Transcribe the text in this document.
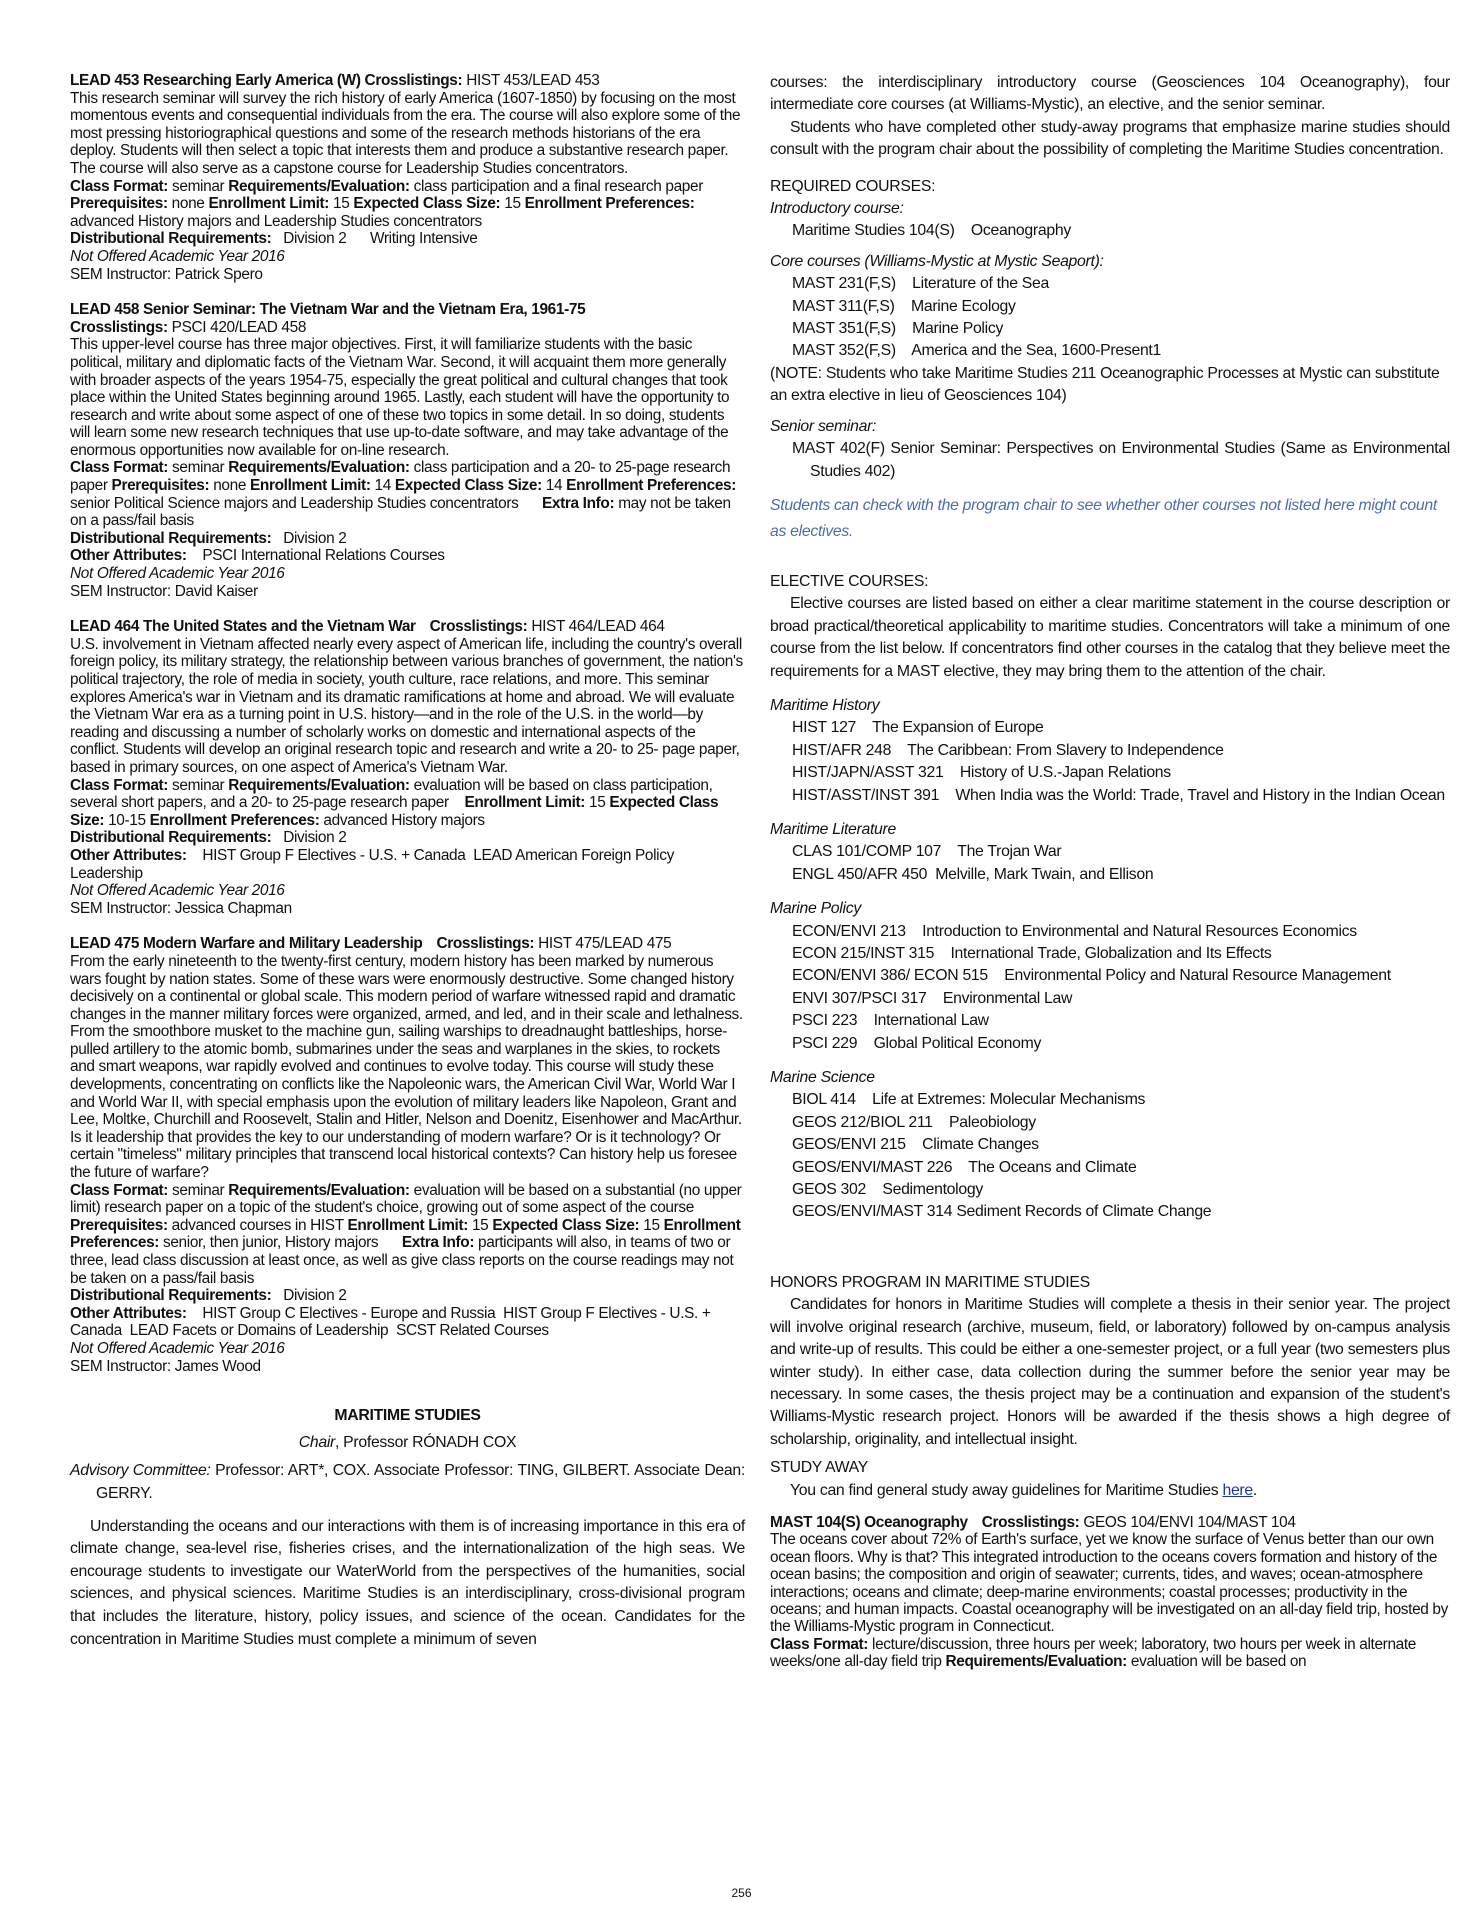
LEAD 453 Researching Early America (W) Crosslistings: HIST 453/LEAD 453

This research seminar will survey the rich history of early America (1607-1850) by focusing on the most momentous events and consequential individuals from the era. The course will also explore some of the most pressing historiographical questions and some of the research methods historians of the era deploy. Students will then select a topic that interests them and produce a substantive research paper. The course will also serve as a capstone course for Leadership Studies concentrators.

Class Format: seminar Requirements/Evaluation: class participation and a final research paper Prerequisites: none Enrollment Limit: 15 Expected Class Size: 15 Enrollment Preferences: advanced History majors and Leadership Studies concentrators

Distributional Requirements:   Division 2      Writing Intensive

Not Offered Academic Year 2016

SEM Instructor: Patrick Spero

LEAD 458 Senior Seminar: The Vietnam War and the Vietnam Era, 1961-75

Crosslistings: PSCI 420/LEAD 458

This upper-level course has three major objectives. First, it will familiarize students with the basic political, military and diplomatic facts of the Vietnam War. Second, it will acquaint them more generally with broader aspects of the years 1954-75, especially the great political and cultural changes that took place within the United States beginning around 1965. Lastly, each student will have the opportunity to research and write about some aspect of one of these two topics in some detail. In so doing, students will learn some new research techniques that use up-to-date software, and may take advantage of the enormous opportunities now available for on-line research.

Class Format: seminar Requirements/Evaluation: class participation and a 20- to 25-page research paper Prerequisites: none Enrollment Limit: 14 Expected Class Size: 14 Enrollment Preferences: senior Political Science majors and Leadership Studies concentrators      Extra Info: may not be taken on a pass/fail basis

Distributional Requirements:   Division 2

Other Attributes:    PSCI International Relations Courses

Not Offered Academic Year 2016

SEM Instructor: David Kaiser

LEAD 464 The United States and the Vietnam War Crosslistings: HIST 464/LEAD 464

U.S. involvement in Vietnam affected nearly every aspect of American life, including the country's overall foreign policy, its military strategy, the relationship between various branches of government, the nation's political trajectory, the role of media in society, youth culture, race relations, and more. This seminar explores America's war in Vietnam and its dramatic ramifications at home and abroad. We will evaluate the Vietnam War era as a turning point in U.S. history—and in the role of the U.S. in the world—by reading and discussing a number of scholarly works on domestic and international aspects of the conflict. Students will develop an original research topic and research and write a 20- to 25- page paper, based in primary sources, on one aspect of America's Vietnam War.

Class Format: seminar Requirements/Evaluation: evaluation will be based on class participation, several short papers, and a 20- to 25-page research paper    Enrollment Limit: 15 Expected Class Size: 10-15 Enrollment Preferences: advanced History majors

Distributional Requirements:   Division 2

Other Attributes:    HIST Group F Electives - U.S. + Canada  LEAD American Foreign Policy Leadership

Not Offered Academic Year 2016

SEM Instructor: Jessica Chapman

LEAD 475 Modern Warfare and Military Leadership Crosslistings: HIST 475/LEAD 475

From the early nineteenth to the twenty-first century, modern history has been marked by numerous wars fought by nation states. Some of these wars were enormously destructive. Some changed history decisively on a continental or global scale. This modern period of warfare witnessed rapid and dramatic changes in the manner military forces were organized, armed, and led, and in their scale and lethalness. From the smoothbore musket to the machine gun, sailing warships to dreadnaught battleships, horse-pulled artillery to the atomic bomb, submarines under the seas and warplanes in the skies, to rockets and smart weapons, war rapidly evolved and continues to evolve today. This course will study these developments, concentrating on conflicts like the Napoleonic wars, the American Civil War, World War I and World War II, with special emphasis upon the evolution of military leaders like Napoleon, Grant and Lee, Moltke, Churchill and Roosevelt, Stalin and Hitler, Nelson and Doenitz, Eisenhower and MacArthur. Is it leadership that provides the key to our understanding of modern warfare? Or is it technology? Or certain "timeless" military principles that transcend local historical contexts? Can history help us foresee the future of warfare?

Class Format: seminar Requirements/Evaluation: evaluation will be based on a substantial (no upper limit) research paper on a topic of the student's choice, growing out of some aspect of the course Prerequisites: advanced courses in HIST Enrollment Limit: 15 Expected Class Size: 15 Enrollment Preferences: senior, then junior, History majors      Extra Info: participants will also, in teams of two or three, lead class discussion at least once, as well as give class reports on the course readings may not be taken on a pass/fail basis

Distributional Requirements:   Division 2

Other Attributes:    HIST Group C Electives - Europe and Russia  HIST Group F Electives - U.S. + Canada  LEAD Facets or Domains of Leadership  SCST Related Courses

Not Offered Academic Year 2016

SEM Instructor: James Wood

MARITIME STUDIES
Chair, Professor RÓNADH COX

Advisory Committee: Professor: ART*, COX. Associate Professor: TING, GILBERT. Associate Dean: GERRY.

Understanding the oceans and our interactions with them is of increasing importance in this era of climate change, sea-level rise, fisheries crises, and the internationalization of the high seas. We encourage students to investigate our WaterWorld from the perspectives of the humanities, social sciences, and physical sciences. Maritime Studies is an interdisciplinary, cross-divisional program that includes the literature, history, policy issues, and science of the ocean. Candidates for the concentration in Maritime Studies must complete a minimum of seven

courses: the interdisciplinary introductory course (Geosciences 104 Oceanography), four intermediate core courses (at Williams-Mystic), an elective, and the senior seminar.

Students who have completed other study-away programs that emphasize marine studies should consult with the program chair about the possibility of completing the Maritime Studies concentration.

REQUIRED COURSES:

Introductory course:

Maritime Studies 104(S)    Oceanography

Core courses (Williams-Mystic at Mystic Seaport):

MAST 231(F,S)    Literature of the Sea

MAST 311(F,S)    Marine Ecology

MAST 351(F,S)    Marine Policy

MAST 352(F,S)    America and the Sea, 1600-Present1

(NOTE: Students who take Maritime Studies 211 Oceanographic Processes at Mystic can substitute an extra elective in lieu of Geosciences 104)

Senior seminar:

MAST 402(F) Senior Seminar: Perspectives on Environmental Studies (Same as Environmental Studies 402)

Students can check with the program chair to see whether other courses not listed here might count as electives.

ELECTIVE COURSES:

Elective courses are listed based on either a clear maritime statement in the course description or broad practical/theoretical applicability to maritime studies. Concentrators will take a minimum of one course from the list below. If concentrators find other courses in the catalog that they believe meet the requirements for a MAST elective, they may bring them to the attention of the chair.

Maritime History

HIST 127    The Expansion of Europe

HIST/AFR 248    The Caribbean: From Slavery to Independence

HIST/JAPN/ASST 321    History of U.S.-Japan Relations

HIST/ASST/INST 391    When India was the World: Trade, Travel and History in the Indian Ocean

Maritime Literature

CLAS 101/COMP 107    The Trojan War

ENGL 450/AFR 450  Melville, Mark Twain, and Ellison

Marine Policy

ECON/ENVI 213    Introduction to Environmental and Natural Resources Economics

ECON 215/INST 315    International Trade, Globalization and Its Effects

ECON/ENVI 386/ ECON 515    Environmental Policy and Natural Resource Management

ENVI 307/PSCI 317    Environmental Law

PSCI 223    International Law

PSCI 229    Global Political Economy

Marine Science

BIOL 414    Life at Extremes: Molecular Mechanisms

GEOS 212/BIOL 211    Paleobiology

GEOS/ENVI 215    Climate Changes

GEOS/ENVI/MAST 226    The Oceans and Climate

GEOS 302    Sedimentology

GEOS/ENVI/MAST 314 Sediment Records of Climate Change

HONORS PROGRAM IN MARITIME STUDIES

Candidates for honors in Maritime Studies will complete a thesis in their senior year. The project will involve original research (archive, museum, field, or laboratory) followed by on-campus analysis and write-up of results. This could be either a one-semester project, or a full year (two semesters plus winter study). In either case, data collection during the summer before the senior year may be necessary. In some cases, the thesis project may be a continuation and expansion of the student's Williams-Mystic research project. Honors will be awarded if the thesis shows a high degree of scholarship, originality, and intellectual insight.

STUDY AWAY

You can find general study away guidelines for Maritime Studies here.

MAST 104(S) Oceanography Crosslistings: GEOS 104/ENVI 104/MAST 104

The oceans cover about 72% of Earth's surface, yet we know the surface of Venus better than our own ocean floors. Why is that? This integrated introduction to the oceans covers formation and history of the ocean basins; the composition and origin of seawater; currents, tides, and waves; ocean-atmosphere interactions; oceans and climate; deep-marine environments; coastal processes; productivity in the oceans; and human impacts. Coastal oceanography will be investigated on an all-day field trip, hosted by the Williams-Mystic program in Connecticut.

Class Format: lecture/discussion, three hours per week; laboratory, two hours per week in alternate weeks/one all-day field trip Requirements/Evaluation: evaluation will be based on

256
